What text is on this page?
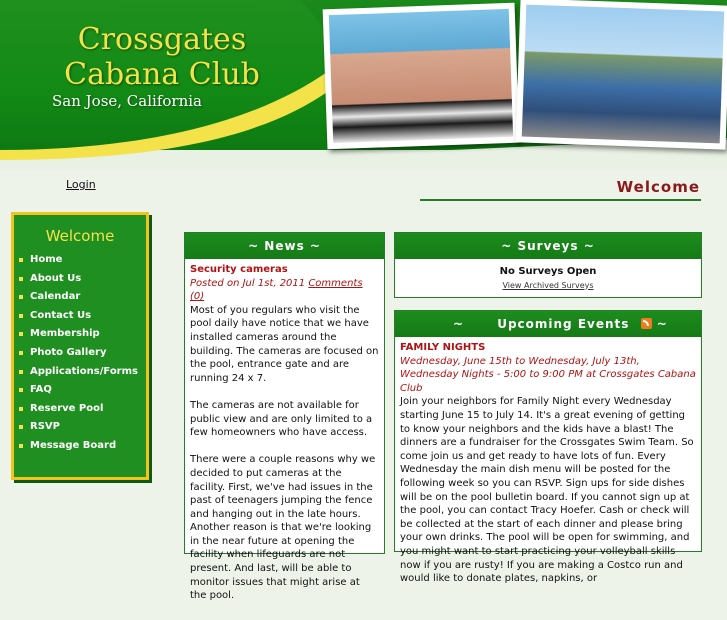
Crossgates
Cabana Club
San Jose, California
Login	Welcome
Welcome
Home
About Us
Calendar
Contact Us
Membership
Photo Gallery
Applications/Forms
FAQ
Reserve Pool
RSVP
Message Board
~ News ~
Security cameras
Posted on Jul 1st, 2011 Comments (0)

Most of you regulars who visit the pool daily have notice that we have installed cameras around the building. The cameras are focused on the pool, entrance gate and are running 24 x 7.

The cameras are not available for public view and are only limited to a few homeowners who have access.

There were a couple reasons why we decided to put cameras at the facility. First, we've had issues in the past of teenagers jumping the fence and hanging out in the late hours. Another reason is that we're looking in the near future at opening the facility when lifeguards are not present. And last, will be able to monitor issues that might arise at the pool.

~ Surveys ~
No Surveys Open
View Archived Surveys
~	Upcoming Events ~
FAMILY NIGHTS
Wednesday, June 15th to Wednesday, July 13th, Wednesday Nights - 5:00 to 9:00 PM at Crossgates Cabana Club
Join your neighbors for Family Night every Wednesday starting June 15 to July 14. It's a great evening of getting to know your neighbors and the kids have a blast! The dinners are a fundraiser for the Crossgates Swim Team. So come join us and get ready to have lots of fun. Every Wednesday the main dish menu will be posted for the following week so you can RSVP. Sign ups for side dishes will be on the pool bulletin board. If you cannot sign up at the pool, you can contact Tracy Hoefer. Cash or check will be collected at the start of each dinner and please bring your own drinks. The pool will be open for swimming, and you might want to start practicing your volleyball skills now if you are rusty! If you are making a Costco run and would like to donate plates, napkins, or
